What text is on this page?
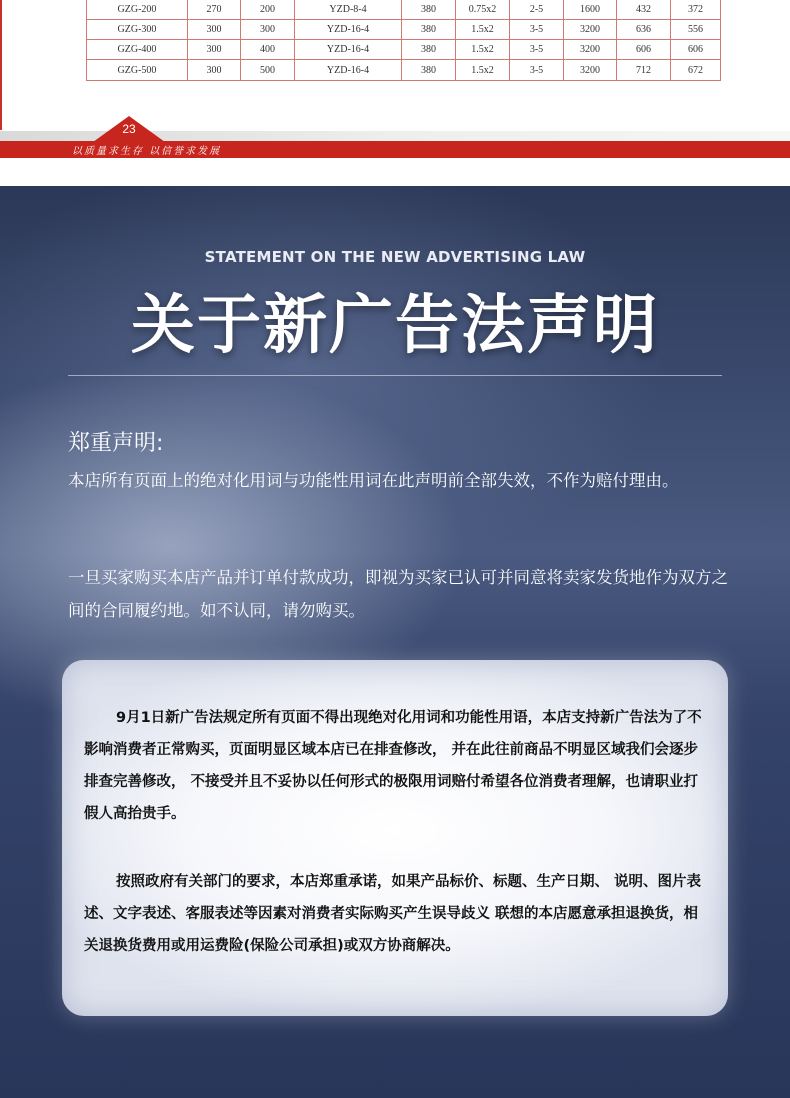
GZG-200	270	200	YZD-8-4	380	0.75x2	2-5	1600	432	372
GZG-300	300	300	YZD-16-4	380	1.5x2	3-5	3200	636	556
GZG-400	300	400	YZD-16-4	380	1.5x2	3-5	3200	606	606
GZG-500	300	500	YZD-16-4	380	1.5x2	3-5	3200	712	672
23
以质量求生存 以信誉求发展
STATEMENT ON THE NEW ADVERTISING LAW
关于新广告法声明
郑重声明:
本店所有页面上的绝对化用词与功能性用词在此声明前全部失效，不作为赔付理由。
一旦买家购买本店产品并订单付款成功，即视为买家已认可并同意将卖家发货地作为双方之间的合同履约地。如不认同，请勿购买。
9月1日新广告法规定所有页面不得出现绝对化用词和功能性用语，本店支持新广告法为了不影响消费者正常购买，页面明显区域本店已在排查修改， 并在此往前商品不明显区域我们会逐步排查完善修改， 不接受并且不妥协以任何形式的极限用词赔付希望各位消费者理解，也请职业打假人高抬贵手。
按照政府有关部门的要求，本店郑重承诺，如果产品标价、标题、生产日期、 说明、图片表述、文字表述、客服表述等因素对消费者实际购买产生误导歧义 联想的本店愿意承担退换货，相关退换货费用或用运费险(保险公司承担)或双方协商解决。
